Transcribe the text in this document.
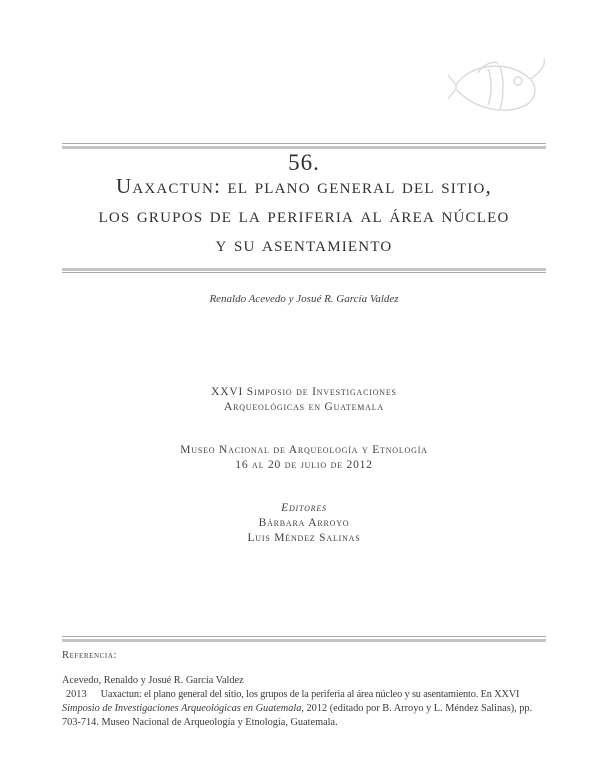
56.
Uaxactun: el plano general del sitio,
los grupos de la periferia al área núcleo
y su asentamiento
Renaldo Acevedo y Josué R. García Valdez
XXVI Simposio de Investigaciones
Arqueológicas en Guatemala
Museo Nacional de Arqueología y Etnología
16 al 20 de julio de 2012
Editores
Bárbara Arroyo
Luis Méndez Salinas
Referencia:
Acevedo, Renaldo y Josué R. García Valdez
2013 Uaxactun: el plano general del sitio, los grupos de la periferia al área núcleo y su asentamiento. En XXVI
Simposio de Investigaciones Arqueológicas en Guatemala, 2012 (editado por B. Arroyo y L. Méndez Salinas), pp.
703-714. Museo Nacional de Arqueología y Etnología, Guatemala.
